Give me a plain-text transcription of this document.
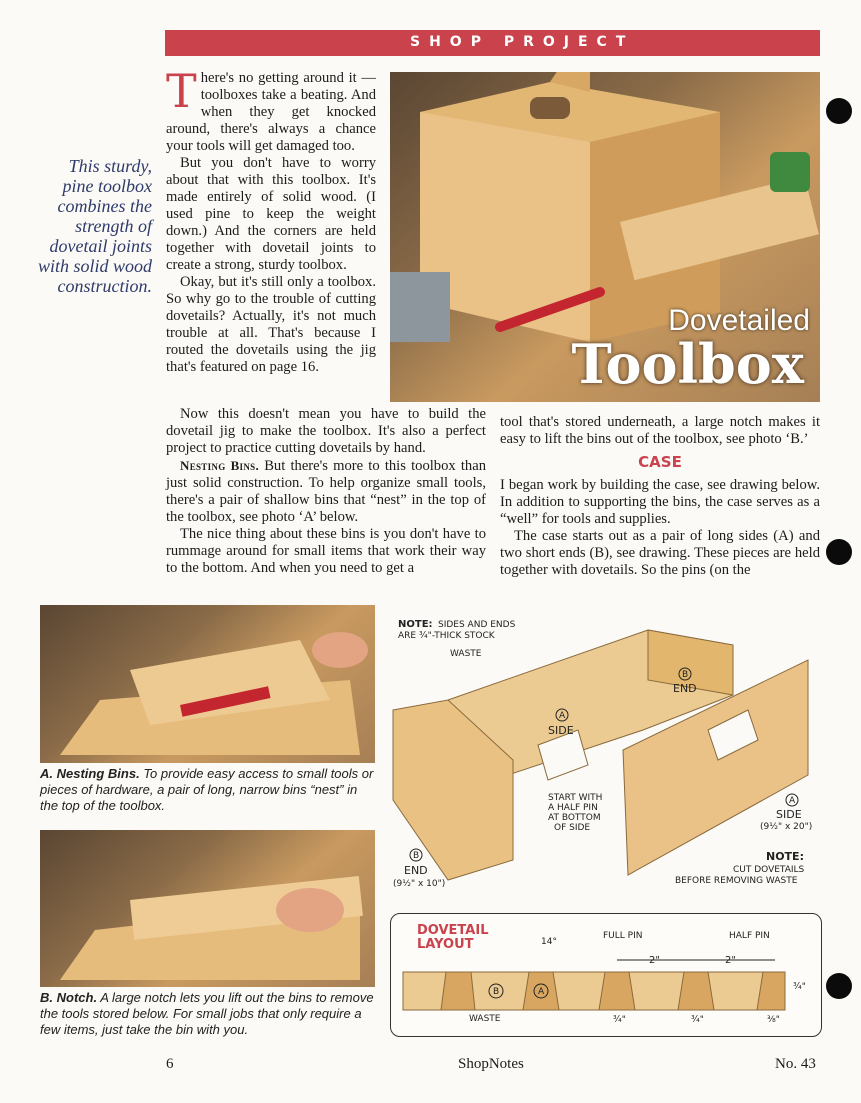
SHOP PROJECT
This sturdy,
pine toolbox
combines the
strength of
dovetail joints
with solid wood
construction.
Dovetailed
Toolbox

There's no getting around it — toolboxes take a beating. And when they get knocked around, there's always a chance your tools will get damaged too.

But you don't have to worry about that with this toolbox. It's made entirely of solid wood. (I used pine to keep the weight down.) And the corners are held together with dovetail joints to create a strong, sturdy toolbox.

Okay, but it's still only a toolbox. So why go to the trouble of cutting dovetails? Actually, it's not much trouble at all. That's because I routed the dovetails using the jig that's featured on page 16.

Now this doesn't mean you have to build the dovetail jig to make the toolbox. It's also a perfect project to practice cutting dovetails by hand.

Nesting Bins. But there's more to this toolbox than just solid construction. To help organize small tools, there's a pair of shallow bins that “nest” in the top of the toolbox, see photo ‘A’ below.

The nice thing about these bins is you don't have to rummage around for small items that work their way to the bottom. And when you need to get a

tool that's stored underneath, a large notch makes it easy to lift the bins out of the toolbox, see photo ‘B.’

CASE

I began work by building the case, see drawing below. In addition to supporting the bins, the case serves as a “well” for tools and supplies.

The case starts out as a pair of long sides (A) and two short ends (B), see drawing. These pieces are held together with dovetails. So the pins (on the

A. Nesting Bins. To provide easy access to small tools or pieces of hardware, a pair of long, narrow bins “nest” in the top of the toolbox.
B. Notch. A large notch lets you lift out the bins to remove the tools stored below. For small jobs that only require a few items, just take the bin with you.
NOTE: SIDES AND ENDS
ARE ¾"-THICK STOCK
WASTE
B
END
A
SIDE
START WITH
A HALF PIN
AT BOTTOM
OF SIDE
A
SIDE
(9½" x 20")
B
END
(9½" x 10")
NOTE:
CUT DOVETAILS
BEFORE REMOVING WASTE
DOVETAIL
LAYOUT	14°
FULL PIN	HALF PIN
2"	2"
B	A
WASTE	¾"	¾"	⅜"
¾"
6	ShopNotes	No. 43
